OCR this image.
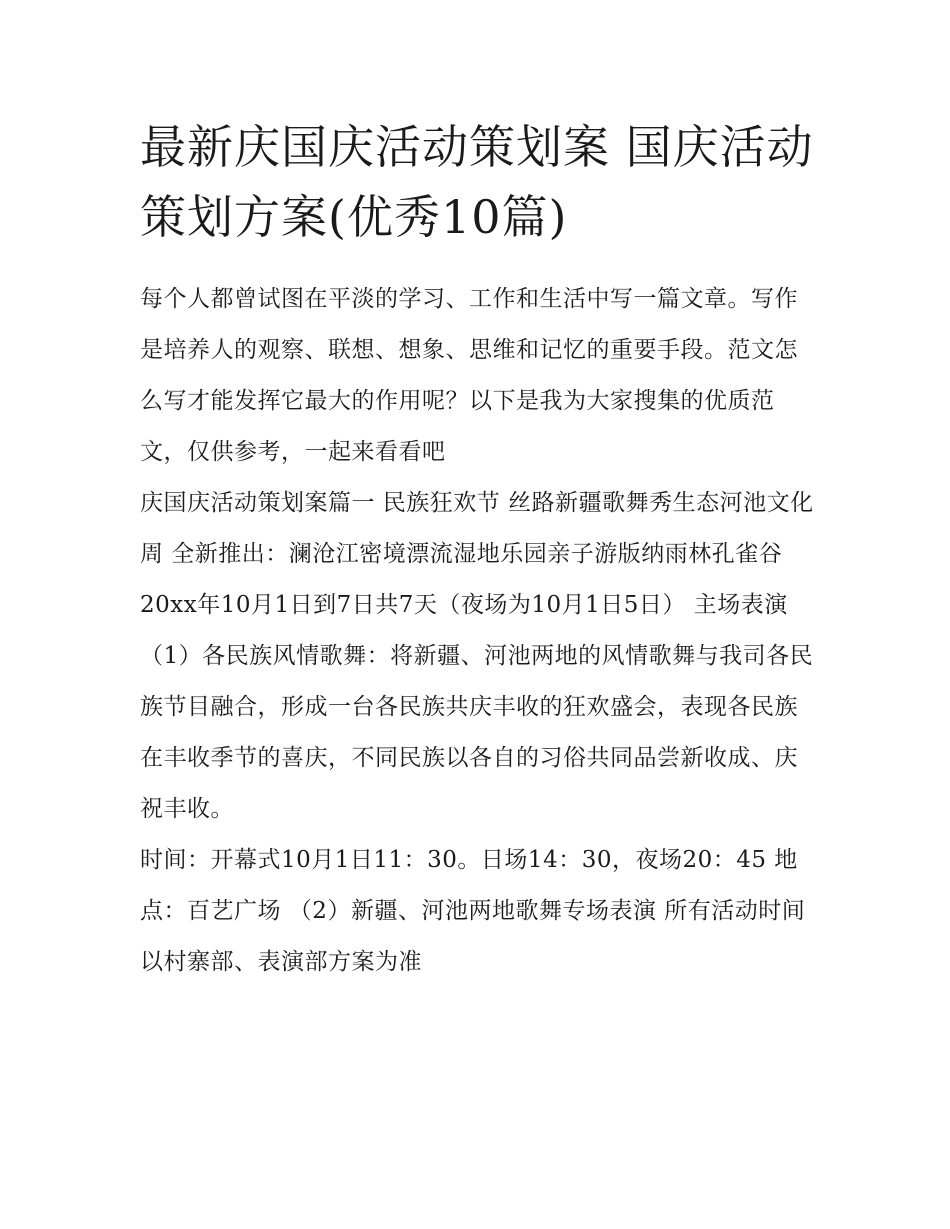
最新庆国庆活动策划案 国庆活动策划方案(优秀10篇)

每个人都曾试图在平淡的学习、工作和生活中写一篇文章。写作是培养人的观察、联想、想象、思维和记忆的重要手段。范文怎么写才能发挥它最大的作用呢？以下是我为大家搜集的优质范文，仅供参考，一起来看看吧

庆国庆活动策划案篇一 民族狂欢节 丝路新疆歌舞秀生态河池文化周 全新推出：澜沧江密境漂流湿地乐园亲子游版纳雨林孔雀谷

20xx年10月1日到7日共7天（夜场为10月1日5日） 主场表演

（1）各民族风情歌舞：将新疆、河池两地的风情歌舞与我司各民族节目融合，形成一台各民族共庆丰收的狂欢盛会，表现各民族在丰收季节的喜庆，不同民族以各自的习俗共同品尝新收成、庆祝丰收。

时间：开幕式10月1日11：30。日场14：30，夜场20：45 地点：百艺广场 （2）新疆、河池两地歌舞专场表演 所有活动时间以村寨部、表演部方案为准
